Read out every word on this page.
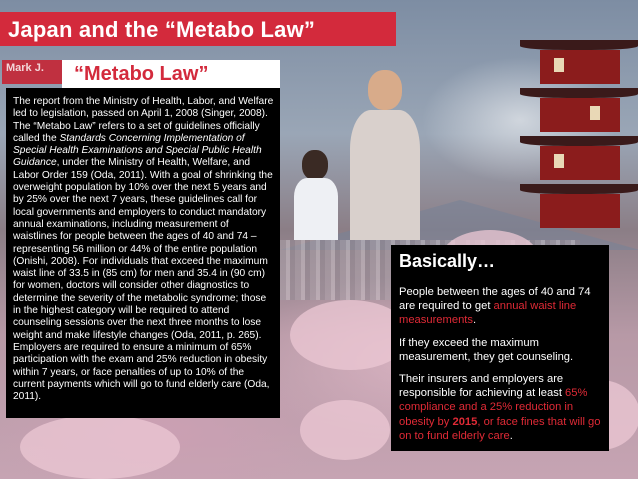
Japan and the “Metabo Law”
Mark J. “Metabo Law”
The report from the Ministry of Health, Labor, and Welfare led to legislation, passed on April 1, 2008 (Singer, 2008). The “Metabo Law” refers to a set of guidelines officially called the Standards Concerning Implementation of Special Health Examinations and Special Public Health Guidance, under the Ministry of Health, Welfare, and Labor Order 159 (Oda, 2011). With a goal of shrinking the overweight population by 10% over the next 5 years and by 25% over the next 7 years, these guidelines call for local governments and employers to conduct mandatory annual examinations, including measurement of waistlines for people between the ages of 40 and 74 – representing 56 million or 44% of the entire population (Onishi, 2008). For individuals that exceed the maximum waist line of 33.5 in (85 cm) for men and 35.4 in (90 cm) for women, doctors will consider other diagnostics to determine the severity of the metabolic syndrome; those in the highest category will be required to attend counseling sessions over the next three months to lose weight and make lifestyle changes (Oda, 2011, p. 265). Employers are required to ensure a minimum of 65% participation with the exam and 25% reduction in obesity within 7 years, or face penalties of up to 10% of the current payments which will go to fund elderly care (Oda, 2011).
Basically…

People between the ages of 40 and 74 are required to get annual waist line measurements.

If they exceed the maximum measurement, they get counseling.

Their insurers and employers are responsible for achieving at least 65% compliance and a 25% reduction in obesity by 2015, or face fines that will go on to fund elderly care.
